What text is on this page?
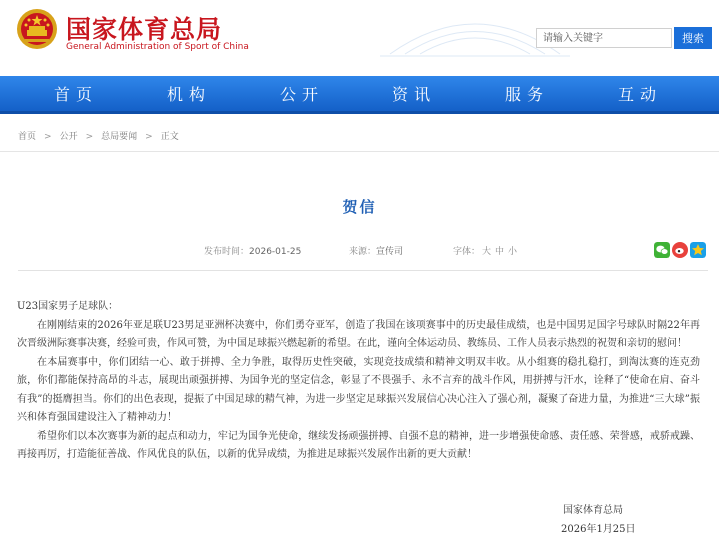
国家体育总局
General Administration of Sport of China
请输入关键字
搜索
首页	机构	公开	资讯	服务	互动
首页 > 公开 > 总局要闻 > 正文
贺信
发布时间：2026-01-25	来源：宣传司	字体： 大 中 小

U23国家男子足球队：

在刚刚结束的2026年亚足联U23男足亚洲杯决赛中，你们勇夺亚军，创造了我国在该项赛事中的历史最佳成绩，也是中国男足国字号球队时隔22年再次晋级洲际赛事决赛，经验可贵，作风可赞，为中国足球振兴燃起新的希望。在此，谨向全体运动员、教练员、工作人员表示热烈的祝贺和亲切的慰问！

在本届赛事中，你们团结一心、敢于拼搏、全力争胜，取得历史性突破，实现竞技成绩和精神文明双丰收。从小组赛的稳扎稳打，到淘汰赛的连克劲旅，你们都能保持高昂的斗志，展现出顽强拼搏、为国争光的坚定信念，彰显了不畏强手、永不言弃的战斗作风，用拼搏与汗水，诠释了“使命在肩、奋斗有我”的挺膺担当。你们的出色表现，提振了中国足球的精气神，为进一步坚定足球振兴发展信心决心注入了强心剂，凝聚了奋进力量，为推进“三大球”振兴和体育强国建设注入了精神动力！

希望你们以本次赛事为新的起点和动力，牢记为国争光使命，继续发扬顽强拼搏、自强不息的精神，进一步增强使命感、责任感、荣誉感，戒骄戒躁、再接再厉，打造能征善战、作风优良的队伍，以新的优异成绩，为推进足球振兴发展作出新的更大贡献！

国家体育总局
2026年1月25日
